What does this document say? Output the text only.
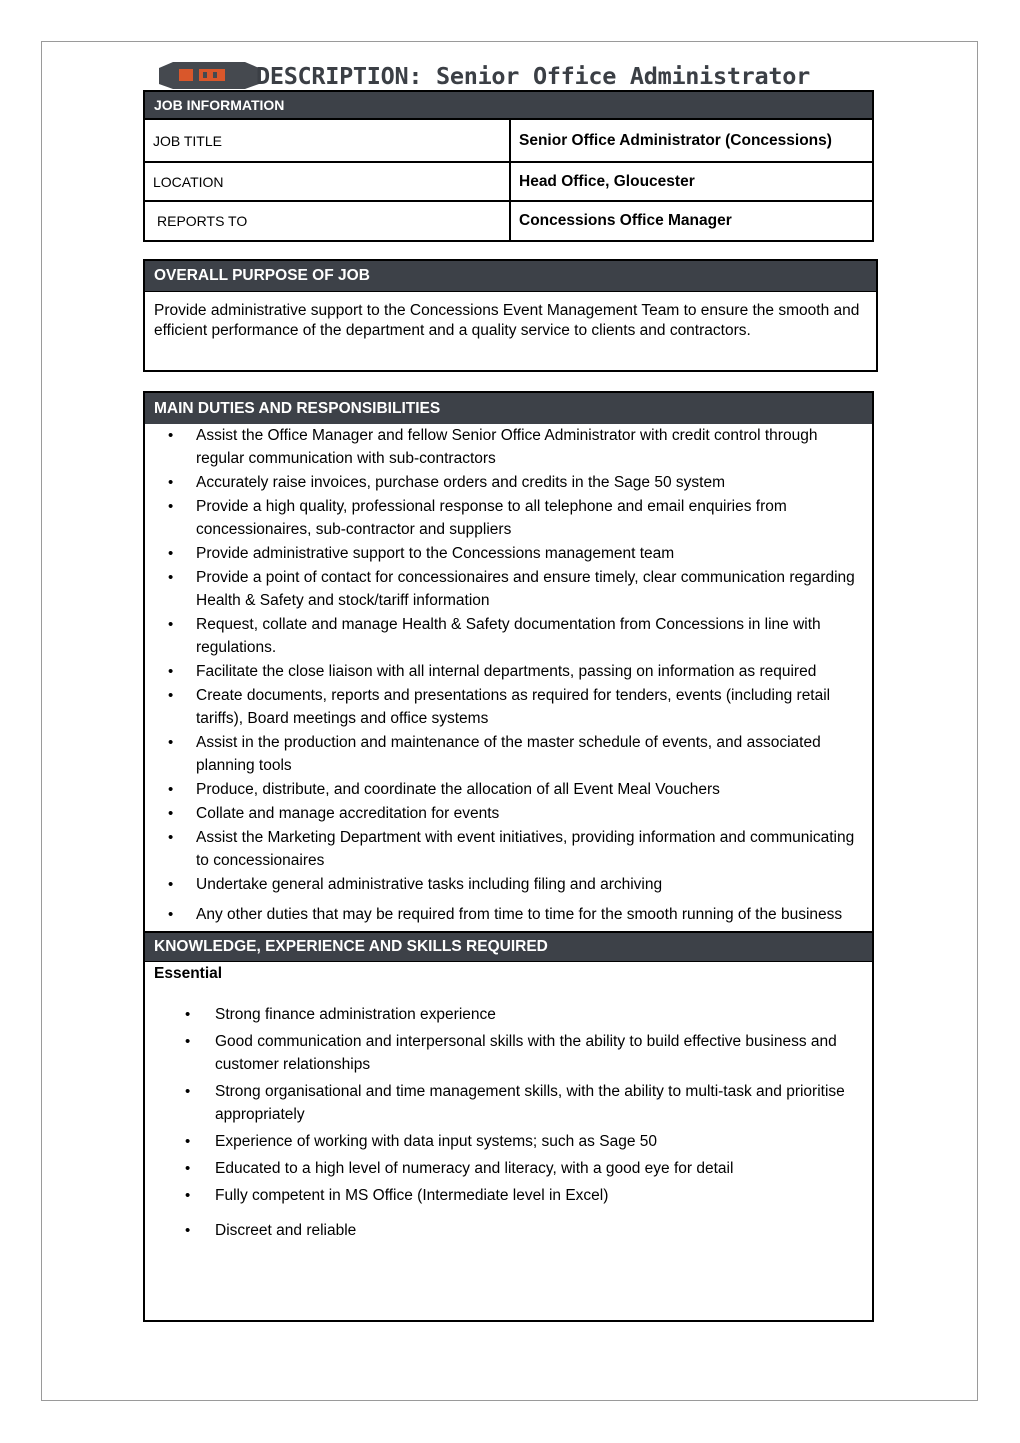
DESCRIPTION: Senior Office Administrator
JOB INFORMATION
JOB TITLE	Senior Office Administrator (Concessions)
LOCATION	Head Office, Gloucester
REPORTS TO	Concessions Office Manager
OVERALL PURPOSE OF JOB
Provide administrative support to the Concessions Event Management Team to ensure the smooth and efficient performance of the department and a quality service to clients and contractors.
MAIN DUTIES AND RESPONSIBILITIES
• Assist the Office Manager and fellow Senior Office Administrator with credit control through regular communication with sub-contractors
• Accurately raise invoices, purchase orders and credits in the Sage 50 system
• Provide a high quality, professional response to all telephone and email enquiries from concessionaires, sub-contractor and suppliers
• Provide administrative support to the Concessions management team
• Provide a point of contact for concessionaires and ensure timely, clear communication regarding Health & Safety and stock/tariff information
• Request, collate and manage Health & Safety documentation from Concessions in line with regulations.
• Facilitate the close liaison with all internal departments, passing on information as required
• Create documents, reports and presentations as required for tenders, events (including retail tariffs), Board meetings and office systems
• Assist in the production and maintenance of the master schedule of events, and associated planning tools
• Produce, distribute, and coordinate the allocation of all Event Meal Vouchers
• Collate and manage accreditation for events
• Assist the Marketing Department with event initiatives, providing information and communicating to concessionaires
• Undertake general administrative tasks including filing and archiving
• Any other duties that may be required from time to time for the smooth running of the business
KNOWLEDGE, EXPERIENCE AND SKILLS REQUIRED
Essential
• Strong finance administration experience
• Good communication and interpersonal skills with the ability to build effective business and customer relationships
• Strong organisational and time management skills, with the ability to multi-task and prioritise appropriately
• Experience of working with data input systems; such as Sage 50
• Educated to a high level of numeracy and literacy, with a good eye for detail
• Fully competent in MS Office (Intermediate level in Excel)
• Discreet and reliable
